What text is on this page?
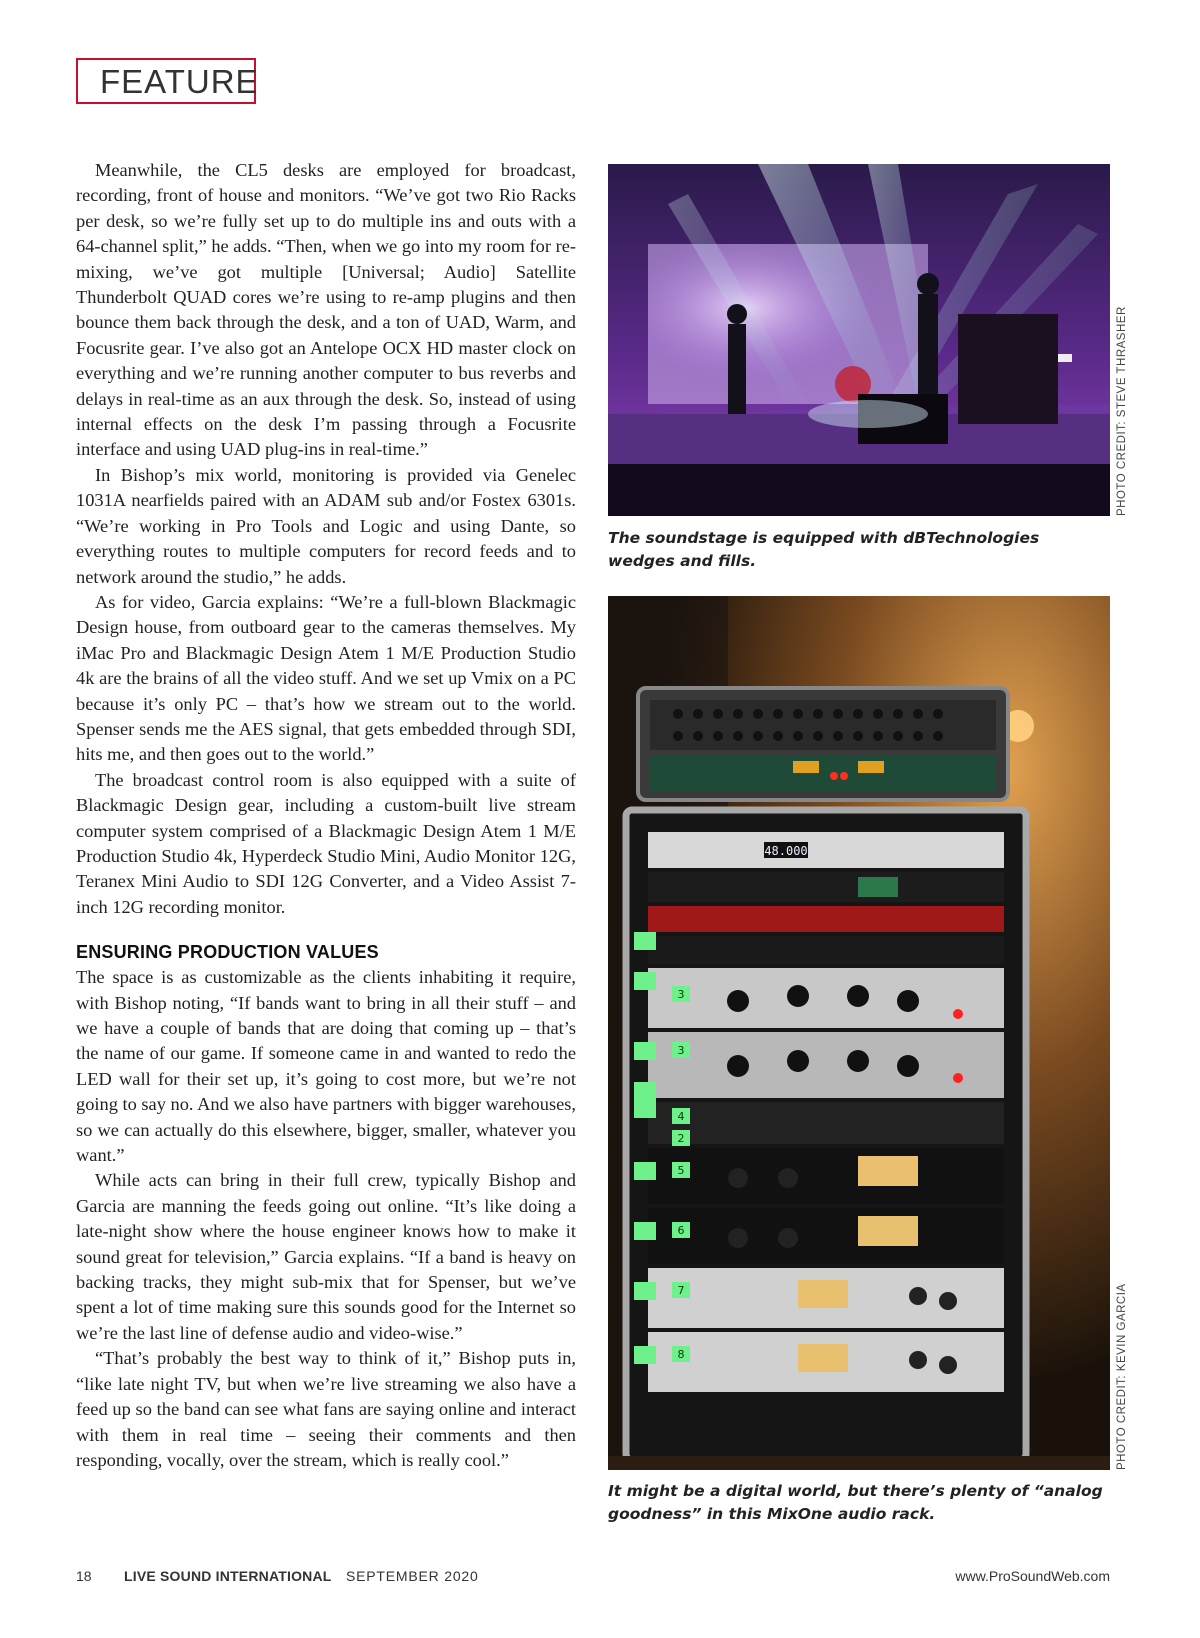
FEATURE

Meanwhile, the CL5 desks are employed for broadcast, recording, front of house and monitors. “We’ve got two Rio Racks per desk, so we’re fully set up to do multiple ins and outs with a 64-channel split,” he adds. “Then, when we go into my room for re-mixing, we’ve got multiple [Universal; Audio] Satellite Thunderbolt QUAD cores we’re using to re-amp plugins and then bounce them back through the desk, and a ton of UAD, Warm, and Focusrite gear. I’ve also got an Antelope OCX HD master clock on everything and we’re running another computer to bus reverbs and delays in real-time as an aux through the desk. So, instead of using internal effects on the desk I’m passing through a Focusrite interface and using UAD plug-ins in real-time.”

In Bishop’s mix world, monitoring is provided via Genelec 1031A nearfields paired with an ADAM sub and/or Fostex 6301s. “We’re working in Pro Tools and Logic and using Dante, so everything routes to multiple computers for record feeds and to network around the studio,” he adds.

As for video, Garcia explains: “We’re a full-blown Blackmagic Design house, from outboard gear to the cameras themselves. My iMac Pro and Blackmagic Design Atem 1 M/E Production Studio 4k are the brains of all the video stuff. And we set up Vmix on a PC because it’s only PC – that’s how we stream out to the world. Spenser sends me the AES signal, that gets embedded through SDI, hits me, and then goes out to the world.”

The broadcast control room is also equipped with a suite of Blackmagic Design gear, including a custom-built live stream computer system comprised of a Blackmagic Design Atem 1 M/E Production Studio 4k, Hyperdeck Studio Mini, Audio Monitor 12G, Teranex Mini Audio to SDI 12G Converter, and a Video Assist 7-inch 12G recording monitor.

ENSURING PRODUCTION VALUES

The space is as customizable as the clients inhabiting it require, with Bishop noting, “If bands want to bring in all their stuff – and we have a couple of bands that are doing that coming up – that’s the name of our game. If someone came in and wanted to redo the LED wall for their set up, it’s going to cost more, but we’re not going to say no. And we also have partners with bigger warehouses, so we can actually do this elsewhere, bigger, smaller, whatever you want.”

While acts can bring in their full crew, typically Bishop and Garcia are manning the feeds going out online. “It’s like doing a late-night show where the house engineer knows how to make it sound great for television,” Garcia explains. “If a band is heavy on backing tracks, they might sub-mix that for Spenser, but we’ve spent a lot of time making sure this sounds good for the Internet so we’re the last line of defense audio and video-wise.”

“That’s probably the best way to think of it,” Bishop puts in, “like late night TV, but when we’re live streaming we also have a feed up so the band can see what fans are saying online and interact with them in real time – seeing their comments and then responding, vocally, over the stream, which is really cool.”

PHOTO CREDIT: STEVE THRASHER
The soundstage is equipped with dBTechnologies wedges and fills.
48.000
3
3
4
2
5
6
7
8	PHOTO CREDIT: KEVIN GARCIA
It might be a digital world, but there’s plenty of “analog goodness” in this MixOne audio rack.
18 LIVE SOUND INTERNATIONAL SEPTEMBER 2020	www.ProSoundWeb.com
